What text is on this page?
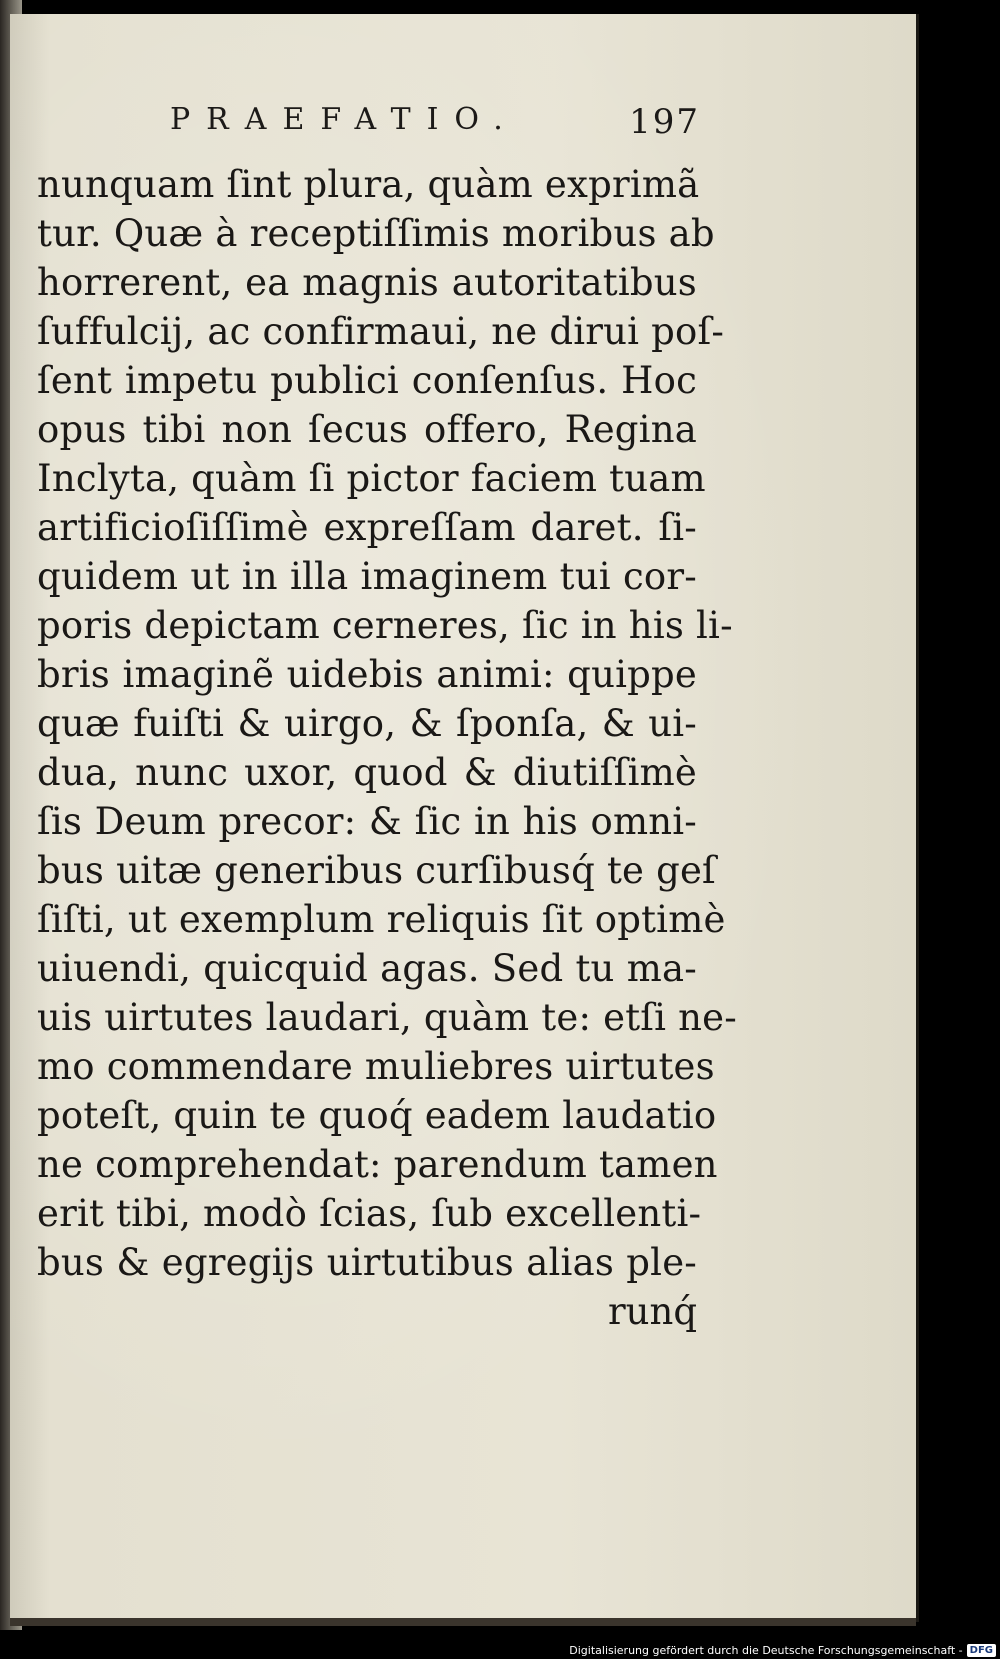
PRAEFATIO.	197
nunquam ſint plura, quàm exprimã
tur. Quæ à receptiſſimis moribus ab
horrerent, ea magnis autoritatibus
ſuffulcij, ac confirmaui, ne dirui poſ-
ſent impetu publici conſenſus. Hoc
opus tibi non ſecus offero, Regina
Inclyta, quàm ſi pictor faciem tuam
artificioſiſſimè expreſſam daret. ſi-
quidem ut in illa imaginem tui cor-
poris depictam cerneres, ſic in his li-
bris imaginẽ uidebis animi: quippe
quæ fuiſti & uirgo, & ſponſa, & ui-
dua, nunc uxor, quod & diutiſſimè
ſis Deum precor: & ſic in his omni-
bus uitæ generibus curſibusq́ te geſ
ſiſti, ut exemplum reliquis ſit optimè
uiuendi, quicquid agas. Sed tu ma-
uis uirtutes laudari, quàm te: etſi ne-
mo commendare muliebres uirtutes
poteſt, quin te quoq́ eadem laudatio
ne comprehendat: parendum tamen
erit tibi, modò ſcias, ſub excellenti-
bus & egregijs uirtutibus alias ple-
runq́
Digitalisierung gefördert durch die Deutsche Forschungsgemeinschaft - DFG
